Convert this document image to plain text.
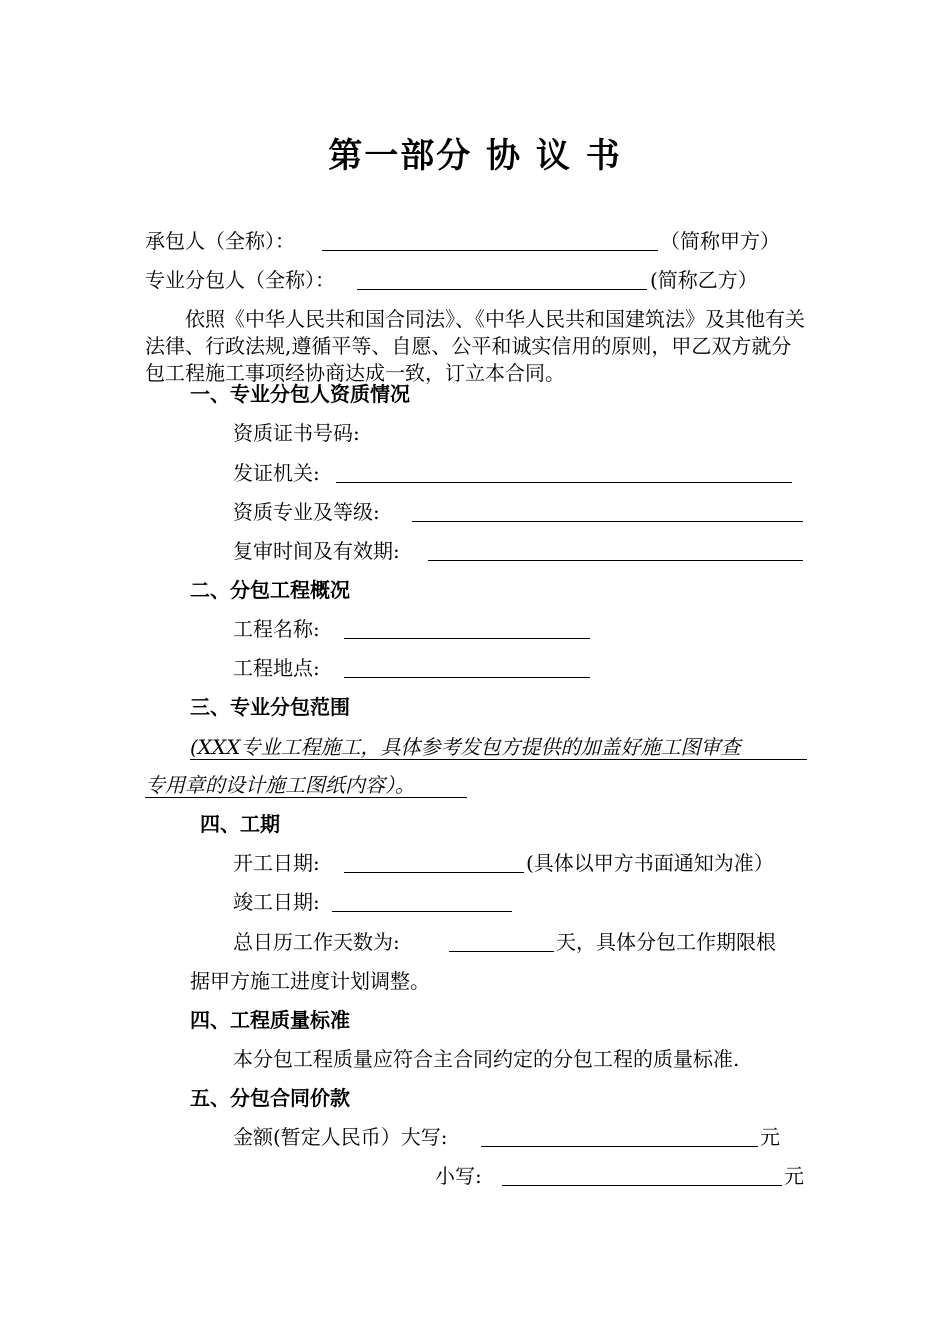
第一部分 协 议 书
承包人（全称）：	（简称甲方）
专业分包人（全称）：	(简称乙方）
依照《中华人民共和国合同法》、《中华人民共和国建筑法》及其他有关法律、行政法规,遵循平等、自愿、公平和诚实信用的原则，甲乙双方就分包工程施工事项经协商达成一致，订立本合同。
一、专业分包人资质情况
资质证书号码:
发证机关:
资质专业及等级:
复审时间及有效期:
二、分包工程概况
工程名称:
工程地点:
三、专业分包范围
(XXX专业工程施工，具体参考发包方提供的加盖好施工图审查
专用章的设计施工图纸内容）。
四、工期
开工日期:	(具体以甲方书面通知为准）
竣工日期:
总日历工作天数为:	天，具体分包工作期限根
据甲方施工进度计划调整。
四、工程质量标准
本分包工程质量应符合主合同约定的分包工程的质量标准.
五、分包合同价款
金额(暂定人民币）大写:	元
小写:	元
